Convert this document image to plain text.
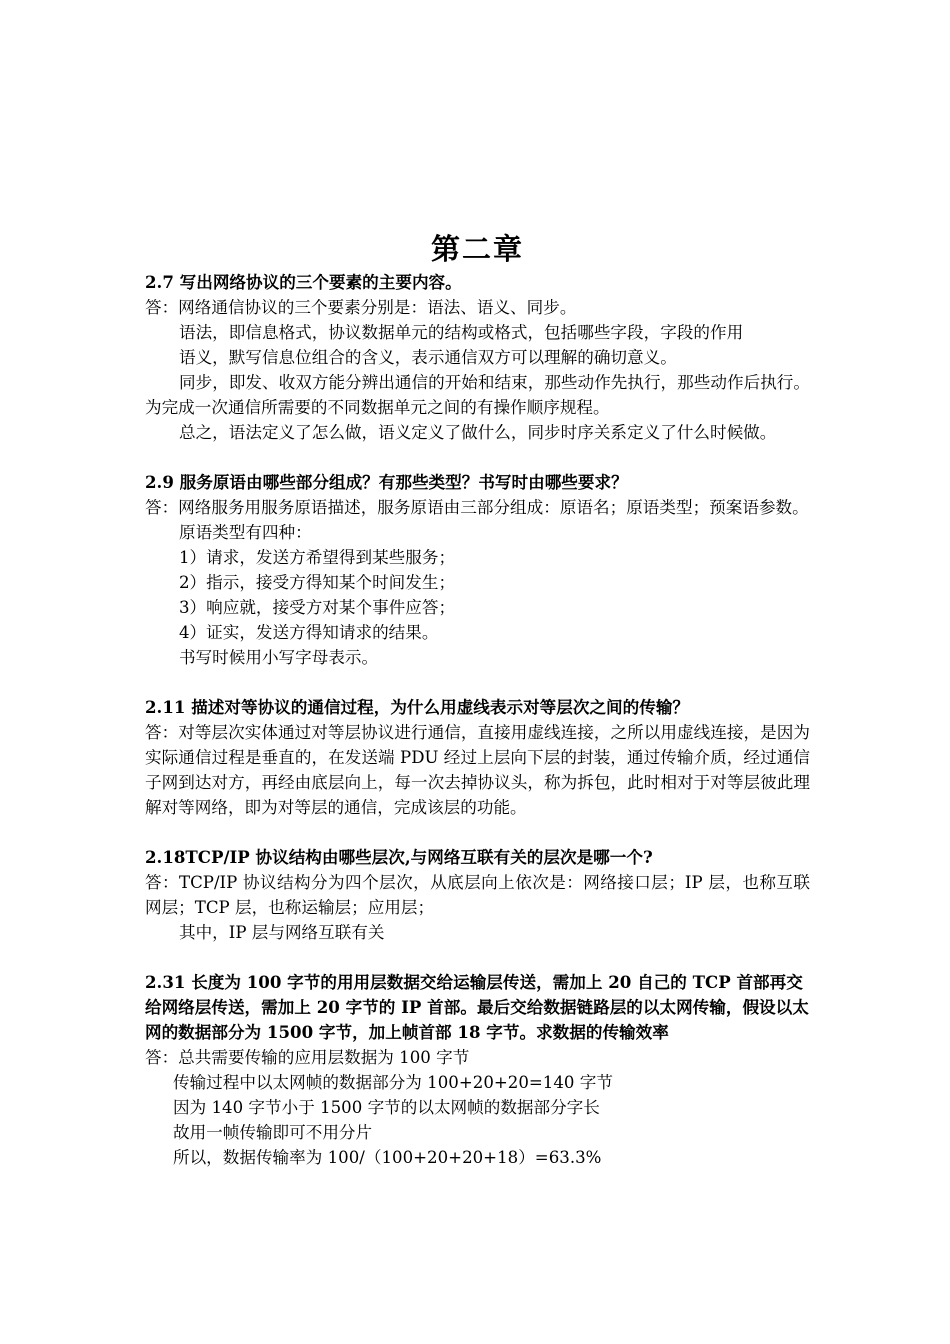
第二章

2.7 写出网络协议的三个要素的主要内容。

答：网络通信协议的三个要素分别是：语法、语义、同步。

语法，即信息格式，协议数据单元的结构或格式，包括哪些字段，字段的作用

语义，默写信息位组合的含义，表示通信双方可以理解的确切意义。

同步，即发、收双方能分辨出通信的开始和结束，那些动作先执行，那些动作后执行。为完成一次通信所需要的不同数据单元之间的有操作顺序规程。

总之，语法定义了怎么做，语义定义了做什么，同步时序关系定义了什么时候做。

2.9 服务原语由哪些部分组成？有那些类型？书写时由哪些要求？

答：网络服务用服务原语描述，服务原语由三部分组成：原语名；原语类型；预案语参数。

原语类型有四种：

1）请求，发送方希望得到某些服务；

2）指示，接受方得知某个时间发生；

3）响应就，接受方对某个事件应答；

4）证实，发送方得知请求的结果。

书写时候用小写字母表示。

2.11 描述对等协议的通信过程，为什么用虚线表示对等层次之间的传输？

答：对等层次实体通过对等层协议进行通信，直接用虚线连接，之所以用虚线连接，是因为实际通信过程是垂直的，在发送端 PDU 经过上层向下层的封装，通过传输介质，经过通信子网到达对方，再经由底层向上，每一次去掉协议头，称为拆包，此时相对于对等层彼此理解对等网络，即为对等层的通信，完成该层的功能。

2.18TCP/IP 协议结构由哪些层次,与网络互联有关的层次是哪一个?

答：TCP/IP 协议结构分为四个层次，从底层向上依次是：网络接口层；IP 层，也称互联网层；TCP 层，也称运输层；应用层；

其中，IP 层与网络互联有关

2.31 长度为 100 字节的用用层数据交给运输层传送，需加上 20 自己的 TCP 首部再交给网络层传送，需加上 20 字节的 IP 首部。最后交给数据链路层的以太网传输，假设以太网的数据部分为 1500 字节，加上帧首部 18 字节。求数据的传输效率

答：总共需要传输的应用层数据为 100 字节

传输过程中以太网帧的数据部分为 100+20+20=140 字节

因为 140 字节小于 1500 字节的以太网帧的数据部分字长

故用一帧传输即可不用分片

所以，数据传输率为 100/（100+20+20+18）=63.3%
